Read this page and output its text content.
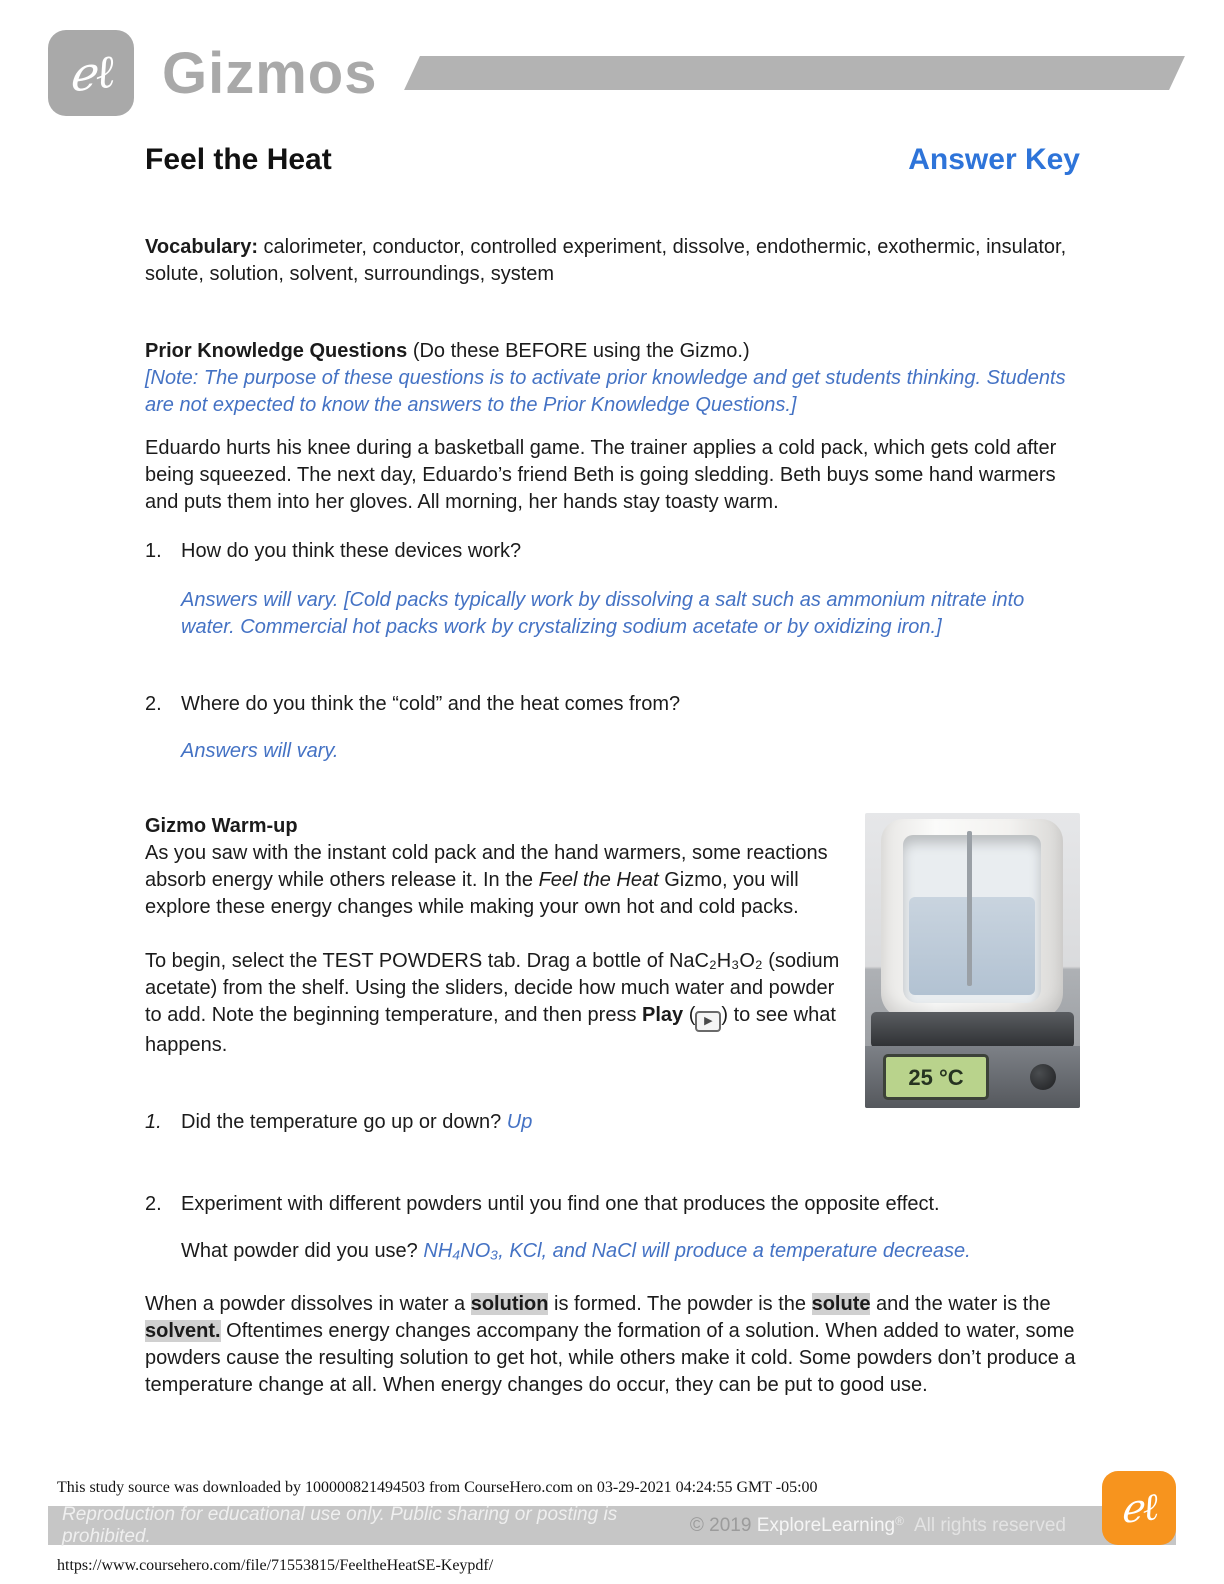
ℯℓ Gizmos
Feel the Heat	Answer Key

Vocabulary: calorimeter, conductor, controlled experiment, dissolve, endothermic, exothermic, insulator, solute, solution, solvent, surroundings, system

Prior Knowledge Questions (Do these BEFORE using the Gizmo.)

[Note: The purpose of these questions is to activate prior knowledge and get students thinking. Students are not expected to know the answers to the Prior Knowledge Questions.]

Eduardo hurts his knee during a basketball game. The trainer applies a cold pack, which gets cold after being squeezed. The next day, Eduardo’s friend Beth is going sledding. Beth buys some hand warmers and puts them into her gloves. All morning, her hands stay toasty warm.

1. How do you think these devices work?

Answers will vary. [Cold packs typically work by dissolving a salt such as ammonium nitrate into water. Commercial hot packs work by crystalizing sodium acetate or by oxidizing iron.]

2. Where do you think the “cold” and the heat comes from?

Answers will vary.

25 °C

Gizmo Warm-up

As you saw with the instant cold pack and the hand warmers, some reactions absorb energy while others release it. In the Feel the Heat Gizmo, you will explore these energy changes while making your own hot and cold packs.

To begin, select the TEST POWDERS tab. Drag a bottle of NaC₂H₃O₂ (sodium acetate) from the shelf. Using the sliders, decide how much water and powder to add. Note the beginning temperature, and then press Play ( ▶ ) to see what happens.

1. Did the temperature go up or down? Up
2. Experiment with different powders until you find one that produces the opposite effect.

What powder did you use? NH₄NO₃, KCl, and NaCl will produce a temperature decrease.

When a powder dissolves in water a solution is formed. The powder is the solute and the water is the solvent. Oftentimes energy changes accompany the formation of a solution. When added to water, some powders cause the resulting solution to get hot, while others make it cold. Some powders don’t produce a temperature change at all. When energy changes do occur, they can be put to good use.

This study source was downloaded by 100000821494503 from CourseHero.com on 03-29-2021 04:24:55 GMT -05:00

Reproduction for educational use only. Public sharing or posting is prohibited.	© 2019 ExploreLearning® All rights reserved ℯℓ
https://www.coursehero.com/file/71553815/FeeltheHeatSE-Keypdf/
